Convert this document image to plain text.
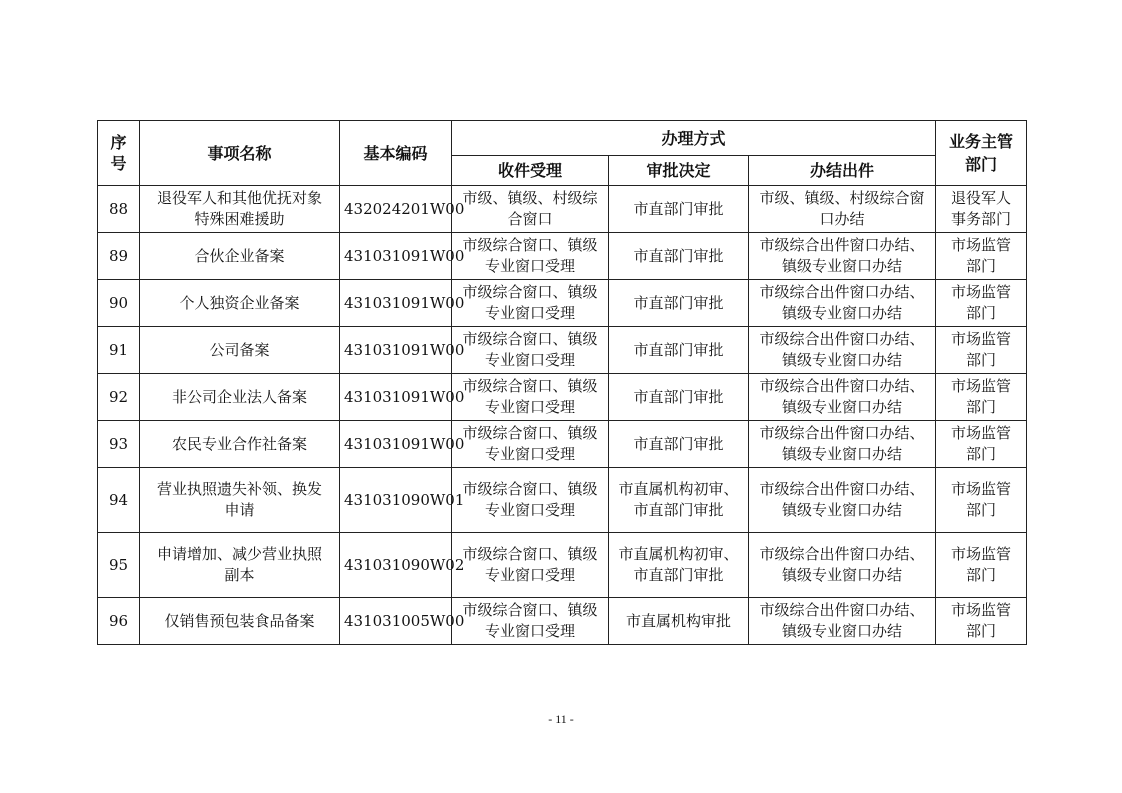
序号	事项名称	基本编码	办理方式			业务主管部门
			收件受理	审批决定	办结出件	
88	退役军人和其他优抚对象特殊困难援助	432024201W00	市级、镇级、村级综合窗口	市直部门审批	市级、镇级、村级综合窗口办结	退役军人事务部门
89	合伙企业备案	431031091W00	市级综合窗口、镇级专业窗口受理	市直部门审批	市级综合出件窗口办结、镇级专业窗口办结	市场监管部门
90	个人独资企业备案	431031091W00	市级综合窗口、镇级专业窗口受理	市直部门审批	市级综合出件窗口办结、镇级专业窗口办结	市场监管部门
91	公司备案	431031091W00	市级综合窗口、镇级专业窗口受理	市直部门审批	市级综合出件窗口办结、镇级专业窗口办结	市场监管部门
92	非公司企业法人备案	431031091W00	市级综合窗口、镇级专业窗口受理	市直部门审批	市级综合出件窗口办结、镇级专业窗口办结	市场监管部门
93	农民专业合作社备案	431031091W00	市级综合窗口、镇级专业窗口受理	市直部门审批	市级综合出件窗口办结、镇级专业窗口办结	市场监管部门
94	营业执照遗失补领、换发申请	431031090W01	市级综合窗口、镇级专业窗口受理	市直属机构初审、市直部门审批	市级综合出件窗口办结、镇级专业窗口办结	市场监管部门
95	申请增加、减少营业执照副本	431031090W02	市级综合窗口、镇级专业窗口受理	市直属机构初审、市直部门审批	市级综合出件窗口办结、镇级专业窗口办结	市场监管部门
96	仅销售预包装食品备案	431031005W00	市级综合窗口、镇级专业窗口受理	市直属机构审批	市级综合出件窗口办结、镇级专业窗口办结	市场监管部门
- 11 -
